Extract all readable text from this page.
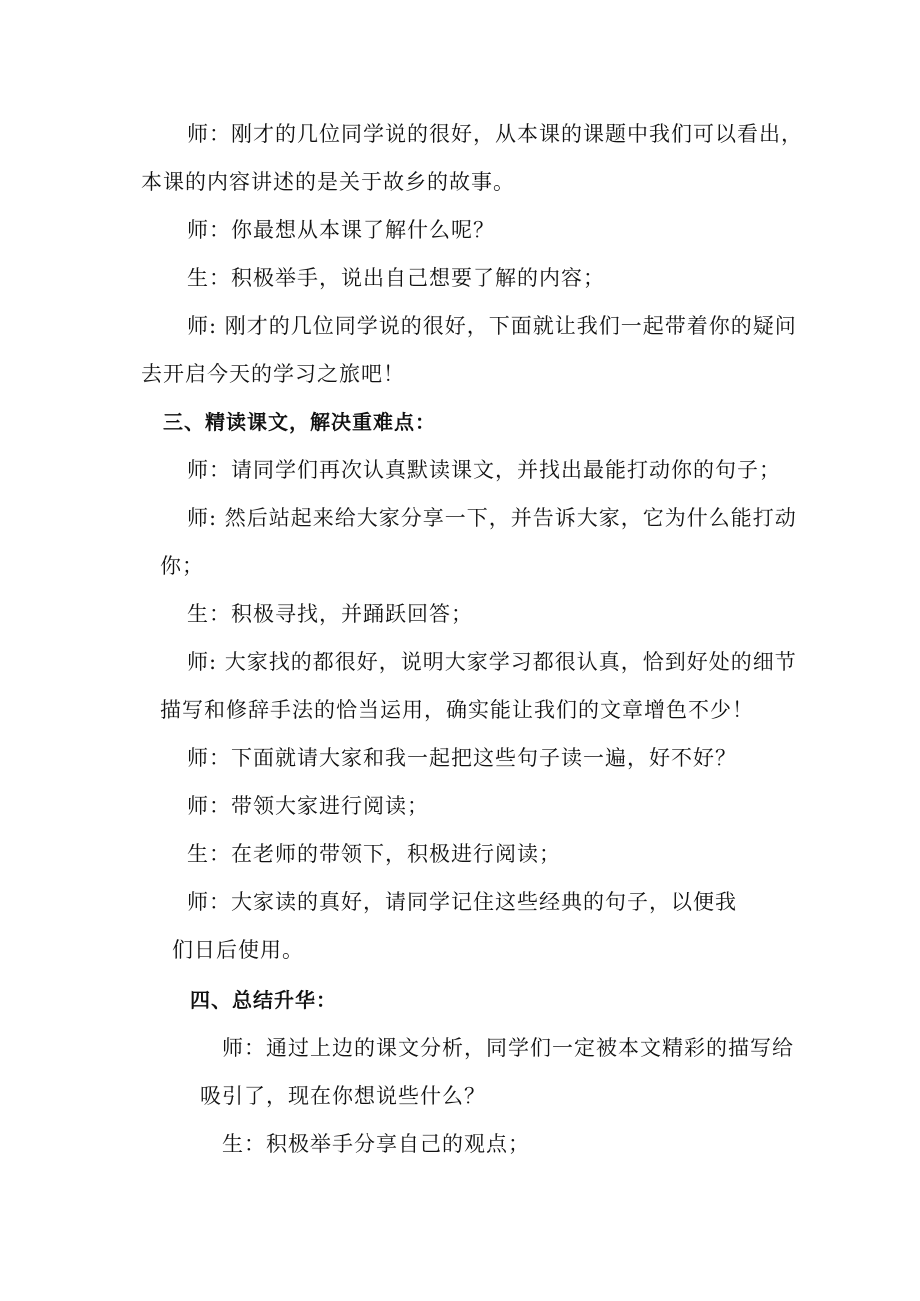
师：刚才的几位同学说的很好，从本课的课题中我们可以看出，

本课的内容讲述的是关于故乡的故事。

师：你最想从本课了解什么呢？

生：积极举手，说出自己想要了解的内容；

师: 刚才的几位同学说的很好，下面就让我们一起带着你的疑问

去开启今天的学习之旅吧！

三、精读课文，解决重难点：

师：请同学们再次认真默读课文，并找出最能打动你的句子；

师: 然后站起来给大家分享一下，并告诉大家，它为什么能打动

你；

生：积极寻找，并踊跃回答；

师: 大家找的都很好，说明大家学习都很认真，恰到好处的细节

描写和修辞手法的恰当运用，确实能让我们的文章增色不少！

师：下面就请大家和我一起把这些句子读一遍，好不好？

师：带领大家进行阅读；

生：在老师的带领下，积极进行阅读；

师：大家读的真好，请同学记住这些经典的句子，以便我

们日后使用。

四、总结升华：

师：通过上边的课文分析，同学们一定被本文精彩的描写给

吸引了，现在你想说些什么？

生：积极举手分享自己的观点；
